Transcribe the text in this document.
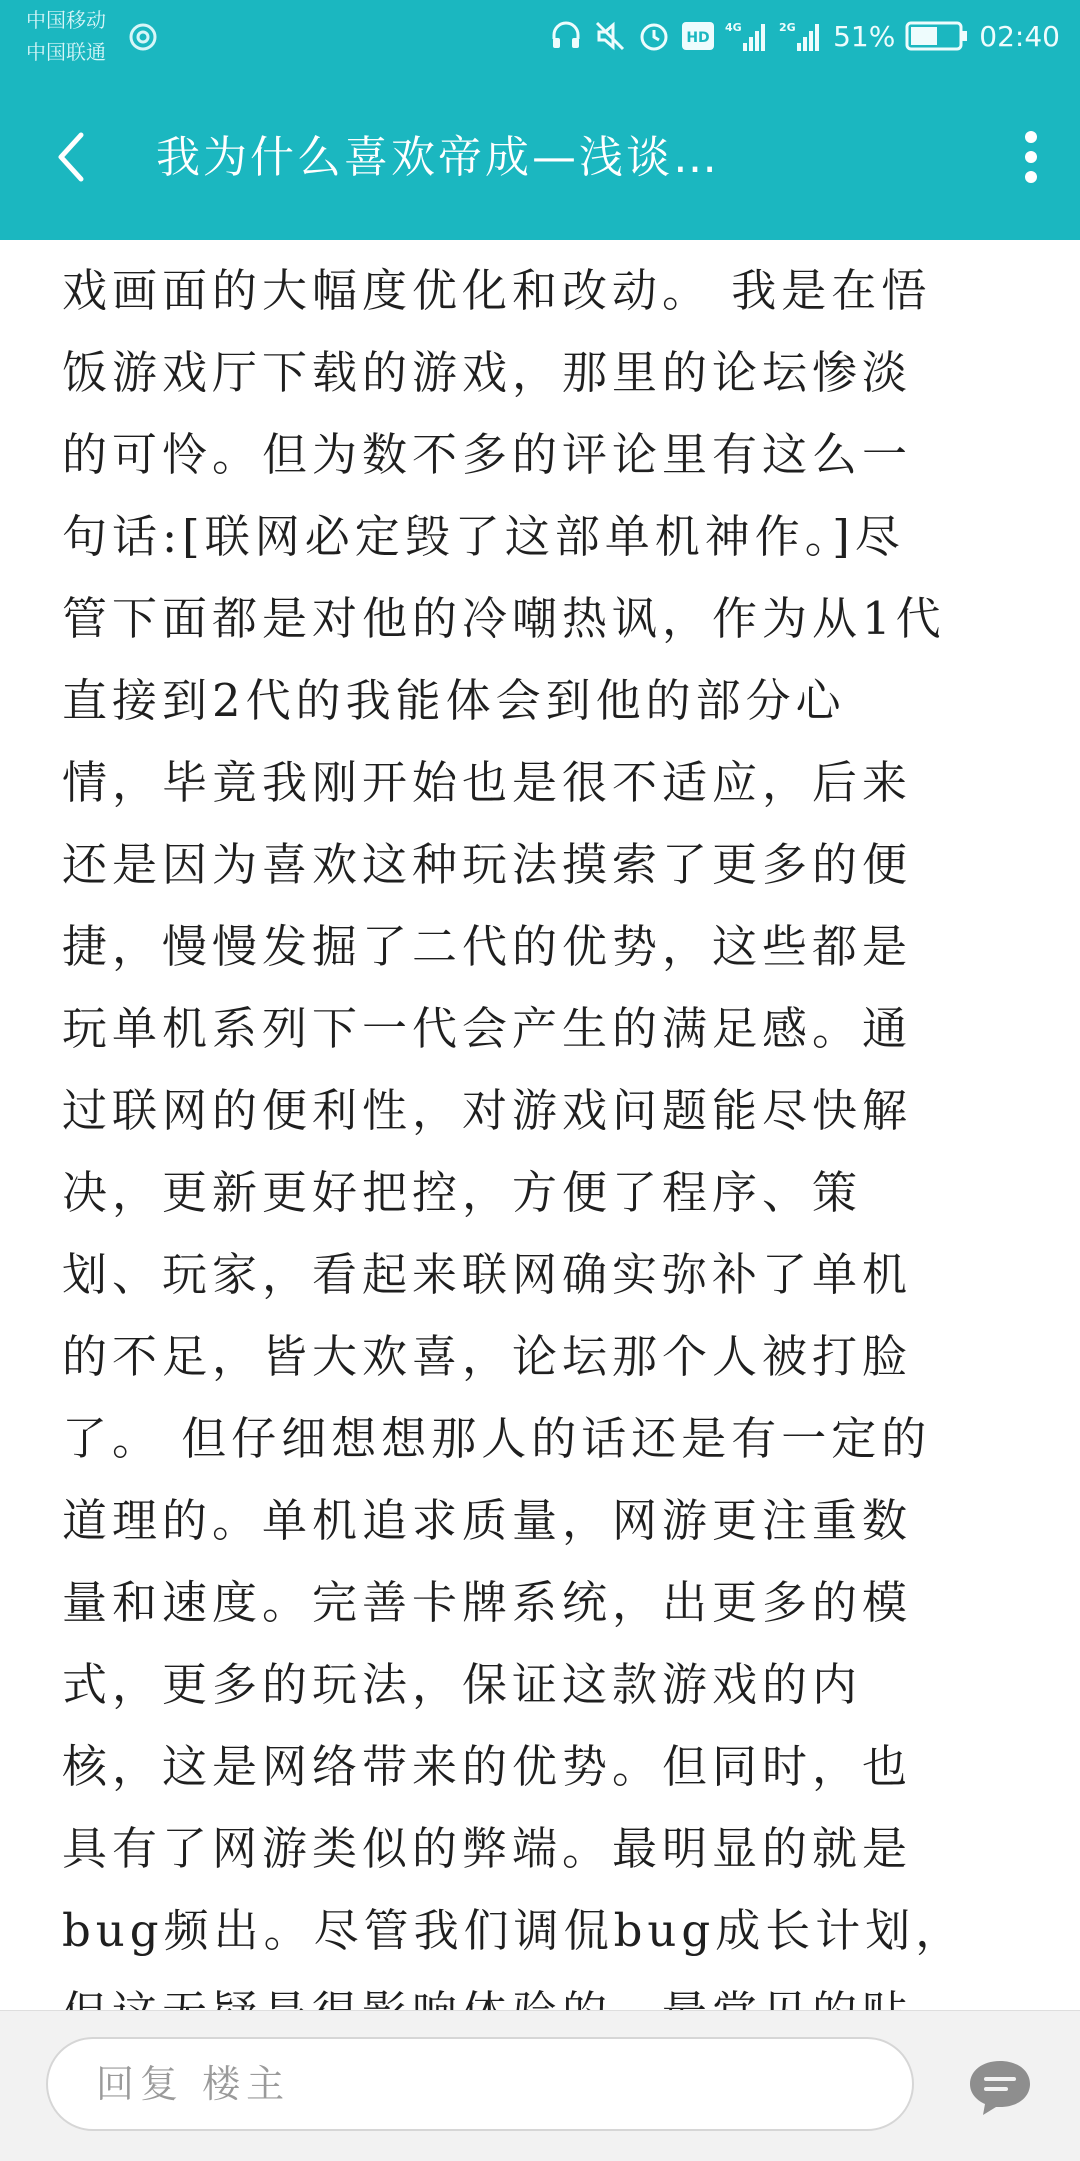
中国移动
中国联通
HD
4G	2G 51%	02:40
我为什么喜欢帝成—浅谈…
戏画面的大幅度优化和改动。 我是在悟
饭游戏厅下载的游戏，那里的论坛惨淡
的可怜。但为数不多的评论里有这么一
句话:[联网必定毁了这部单机神作。]尽
管下面都是对他的冷嘲热讽，作为从1代
直接到2代的我能体会到他的部分心
情，毕竟我刚开始也是很不适应，后来
还是因为喜欢这种玩法摸索了更多的便
捷，慢慢发掘了二代的优势，这些都是
玩单机系列下一代会产生的满足感。通
过联网的便利性，对游戏问题能尽快解
决，更新更好把控，方便了程序、策
划、玩家，看起来联网确实弥补了单机
的不足，皆大欢喜，论坛那个人被打脸
了。 但仔细想想那人的话还是有一定的
道理的。单机追求质量，网游更注重数
量和速度。完善卡牌系统，出更多的模
式，更多的玩法，保证这款游戏的内
核，这是网络带来的优势。但同时，也
具有了网游类似的弊端。最明显的就是
bug频出。尽管我们调侃bug成长计划，
回复 楼主
